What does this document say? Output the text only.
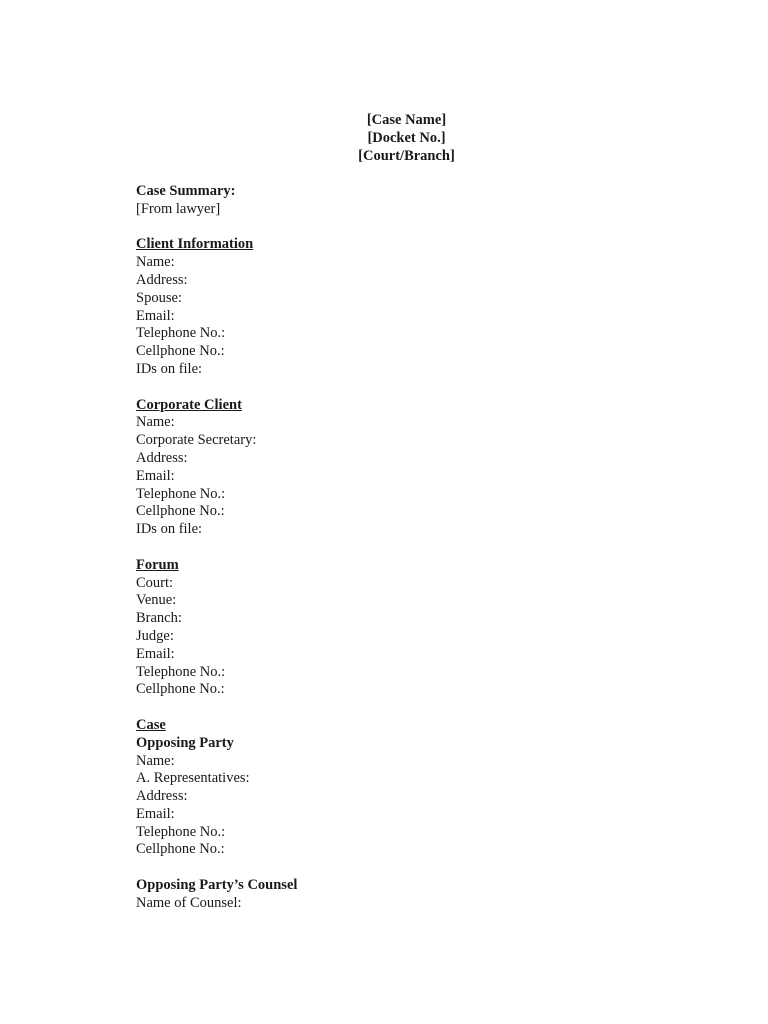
[Case Name]
[Docket No.]
[Court/Branch]
Case Summary:
[From lawyer]
Client Information
Name:
Address:
Spouse:
Email:
Telephone No.:
Cellphone No.:
IDs on file:
Corporate Client
Name:
Corporate Secretary:
Address:
Email:
Telephone No.:
Cellphone No.:
IDs on file:
Forum
Court:
Venue:
Branch:
Judge:
Email:
Telephone No.:
Cellphone No.:
Case
Opposing Party
Name:
A. Representatives:
Address:
Email:
Telephone No.:
Cellphone No.:
Opposing Party’s Counsel
Name of Counsel:
